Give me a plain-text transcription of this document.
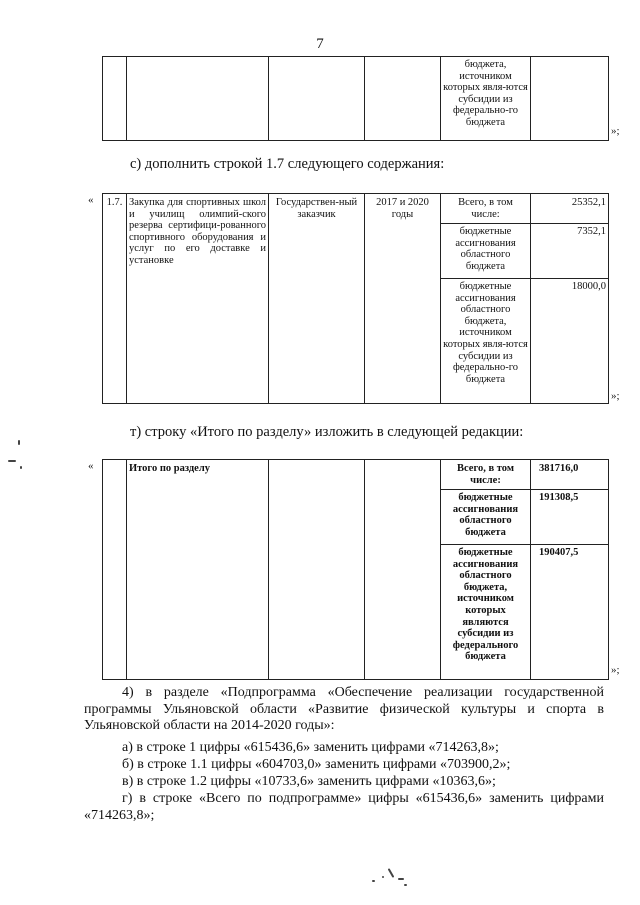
7
				бюджета, источником которых явля-ются субсидии из федерально-го бюджета	
»;
с) дополнить строкой 1.7 следующего содержания:
« 1.7.	Закупка для спортивных школ и училищ олимпий-ского резерва сертифици-рованного спортивного оборудования и услуг по его доставке и установке	Государствен-ный заказчик	2017 и 2020 годы	Всего, в том числе:	25352,1
				бюджетные ассигнования областного бюджета	7352,1
				бюджетные ассигнования областного бюджета, источником которых явля-ются субсидии из федерально-го бюджета	18000,0
»;
т) строку «Итого по разделу» изложить в следующей редакции:
«
		Итого по разделу			Всего, в том числе:	381716,0
				бюджетные ассигнования областного бюджета	191308,5
				бюджетные ассигнования областного бюджета, источником которых являются субсидии из федерального бюджета	190407,5
»;
4) в разделе «Подпрограмма «Обеспечение реализации государственной программы Ульяновской области «Развитие физической культуры и спорта в Ульяновской области на 2014-2020 годы»:
а) в строке 1 цифры «615436,6» заменить цифрами «714263,8»;
б) в строке 1.1 цифры «604703,0» заменить цифрами «703900,2»;
в) в строке 1.2 цифры «10733,6» заменить цифрами «10363,6»;
г) в строке «Всего по подпрограмме» цифры «615436,6» заменить цифрами «714263,8»;
